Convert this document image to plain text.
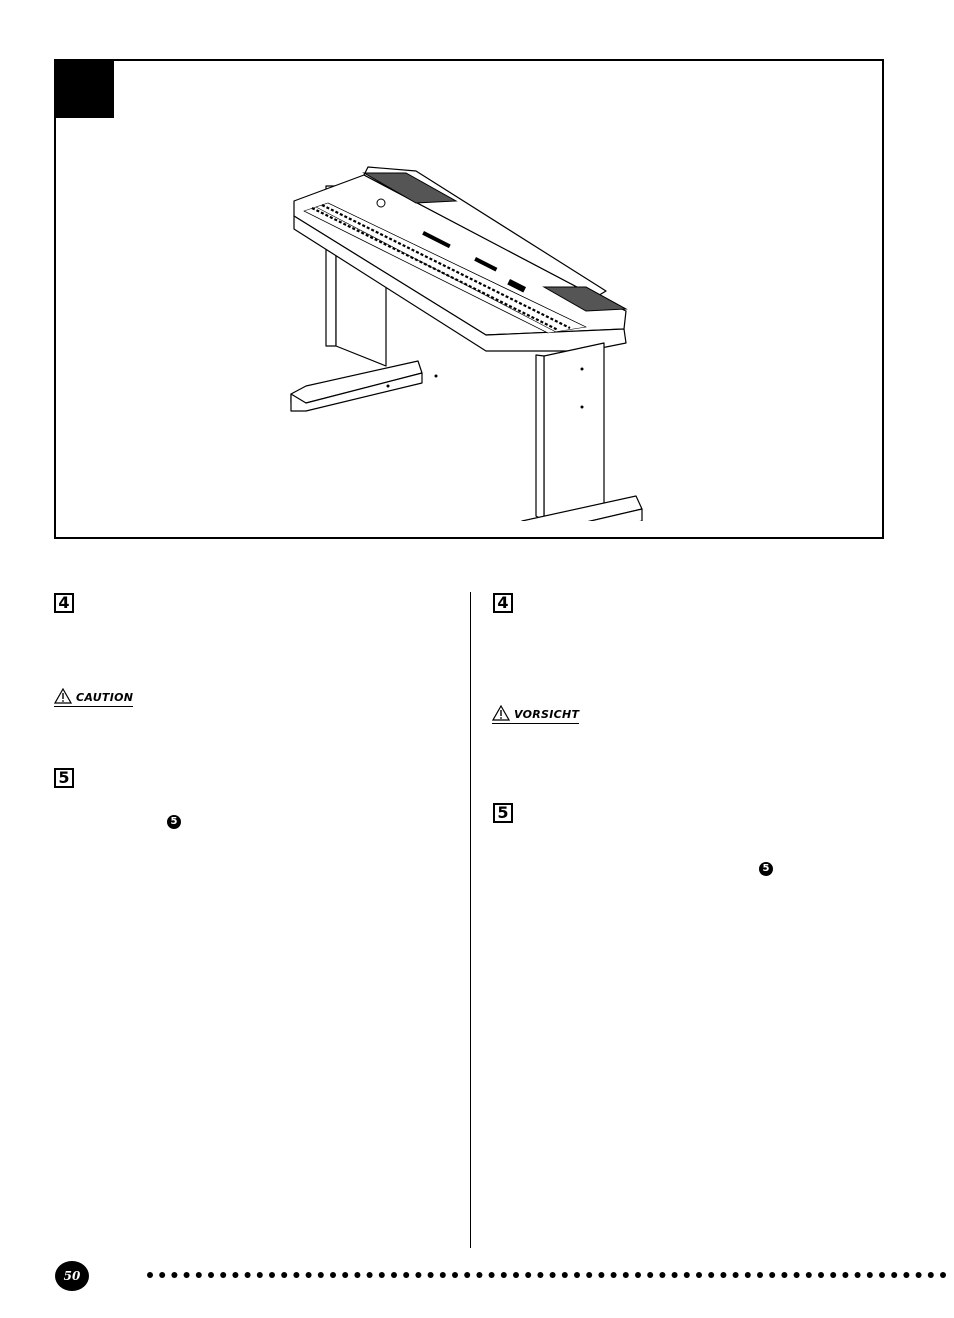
4
CAUTION
5
5
4
VORSICHT
5
5
50
